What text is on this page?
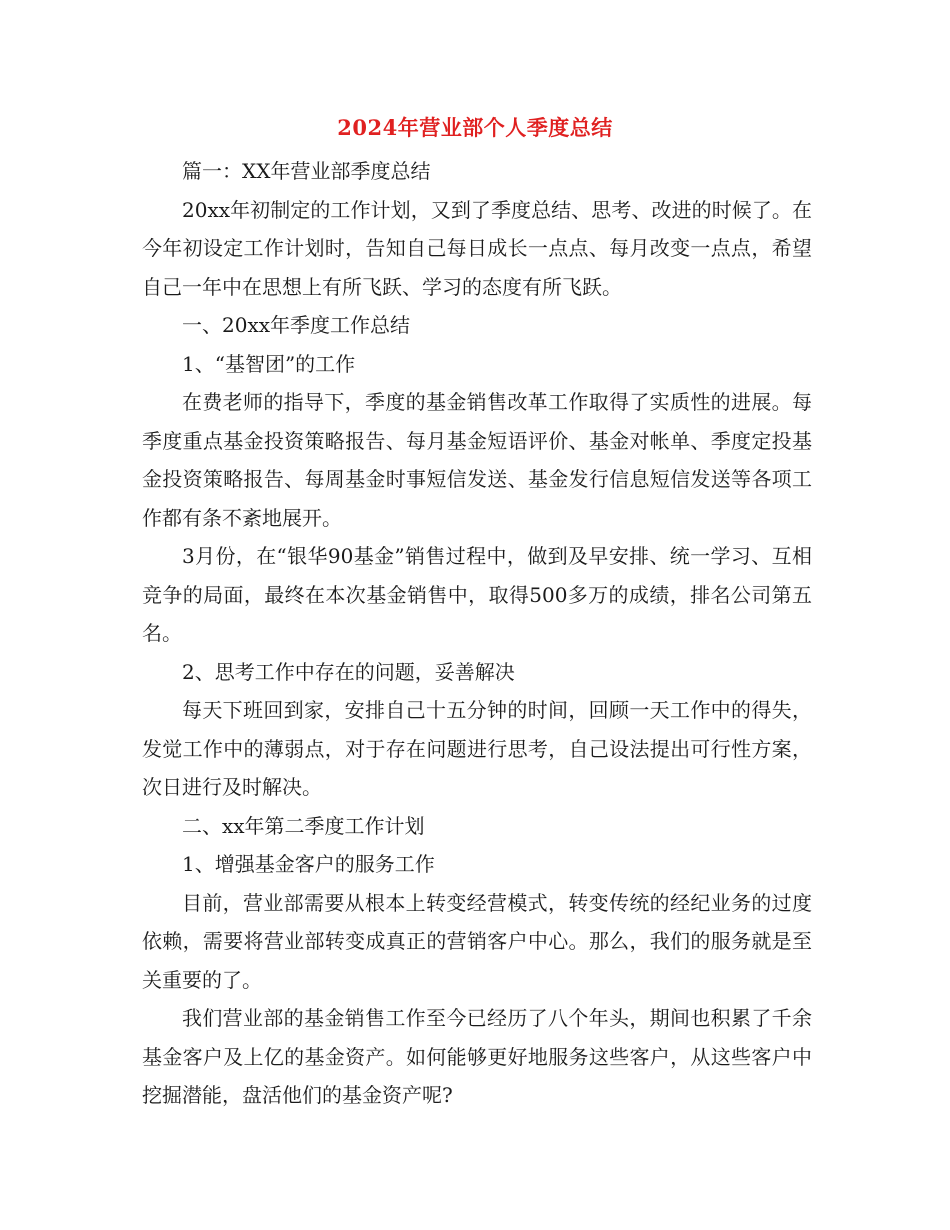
2024年营业部个人季度总结

篇一：XX年营业部季度总结

20xx年初制定的工作计划，又到了季度总结、思考、改进的时候了。在今年初设定工作计划时，告知自己每日成长一点点、每月改变一点点，希望自己一年中在思想上有所飞跃、学习的态度有所飞跃。

一、20xx年季度工作总结

1、“基智团”的工作

在费老师的指导下，季度的基金销售改革工作取得了实质性的进展。每季度重点基金投资策略报告、每月基金短语评价、基金对帐单、季度定投基金投资策略报告、每周基金时事短信发送、基金发行信息短信发送等各项工作都有条不紊地展开。

3月份，在“银华90基金”销售过程中，做到及早安排、统一学习、互相竞争的局面，最终在本次基金销售中，取得500多万的成绩，排名公司第五名。

2、思考工作中存在的问题，妥善解决

每天下班回到家，安排自己十五分钟的时间，回顾一天工作中的得失，发觉工作中的薄弱点，对于存在问题进行思考，自己设法提出可行性方案，次日进行及时解决。

二、xx年第二季度工作计划

1、增强基金客户的服务工作

目前，营业部需要从根本上转变经营模式，转变传统的经纪业务的过度依赖，需要将营业部转变成真正的营销客户中心。那么，我们的服务就是至关重要的了。

我们营业部的基金销售工作至今已经历了八个年头，期间也积累了千余基金客户及上亿的基金资产。如何能够更好地服务这些客户，从这些客户中挖掘潜能，盘活他们的基金资产呢?
